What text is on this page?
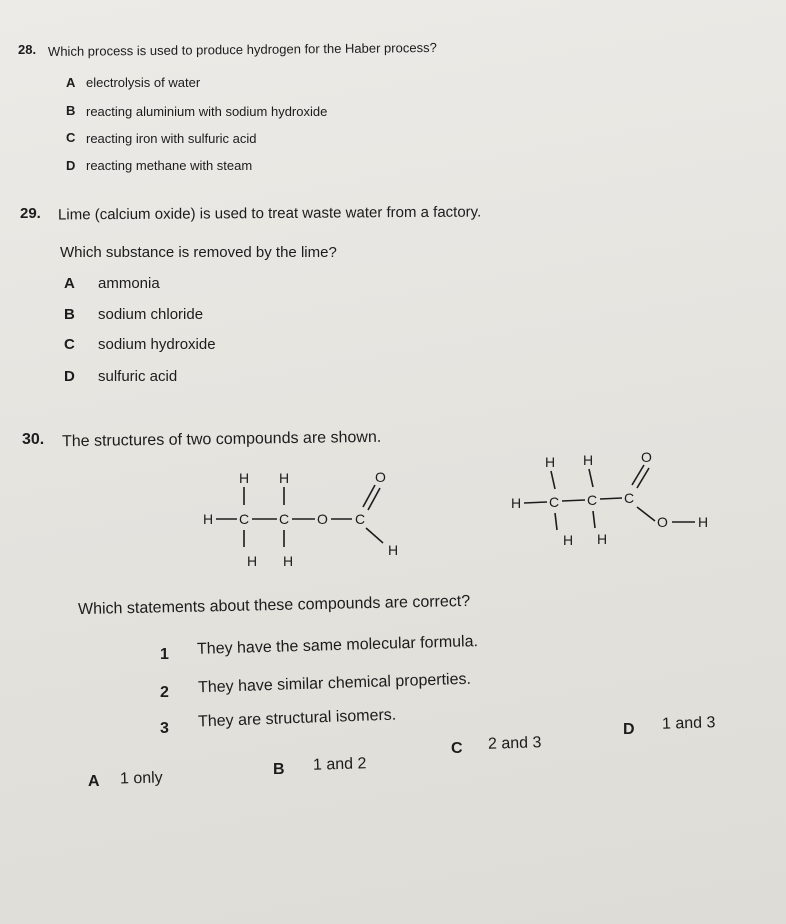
28. Which process is used to produce hydrogen for the Haber process?
A electrolysis of water
B reacting aluminium with sodium hydroxide
C reacting iron with sulfuric acid
D reacting methane with steam
29. Lime (calcium oxide) is used to treat waste water from a factory.
Which substance is removed by the lime?
A ammonia
B sodium chloride
C sodium hydroxide
D sulfuric acid
30. The structures of two compounds are shown.
H H
H C C O C
O
H
H H
H H
H C C C
O
O H
H H
Which statements about these compounds are correct?
1 They have the same molecular formula.
2 They have similar chemical properties.
3 They are structural isomers.
A 1 only	B 1 and 2
C 2 and 3
D 1 and 3
